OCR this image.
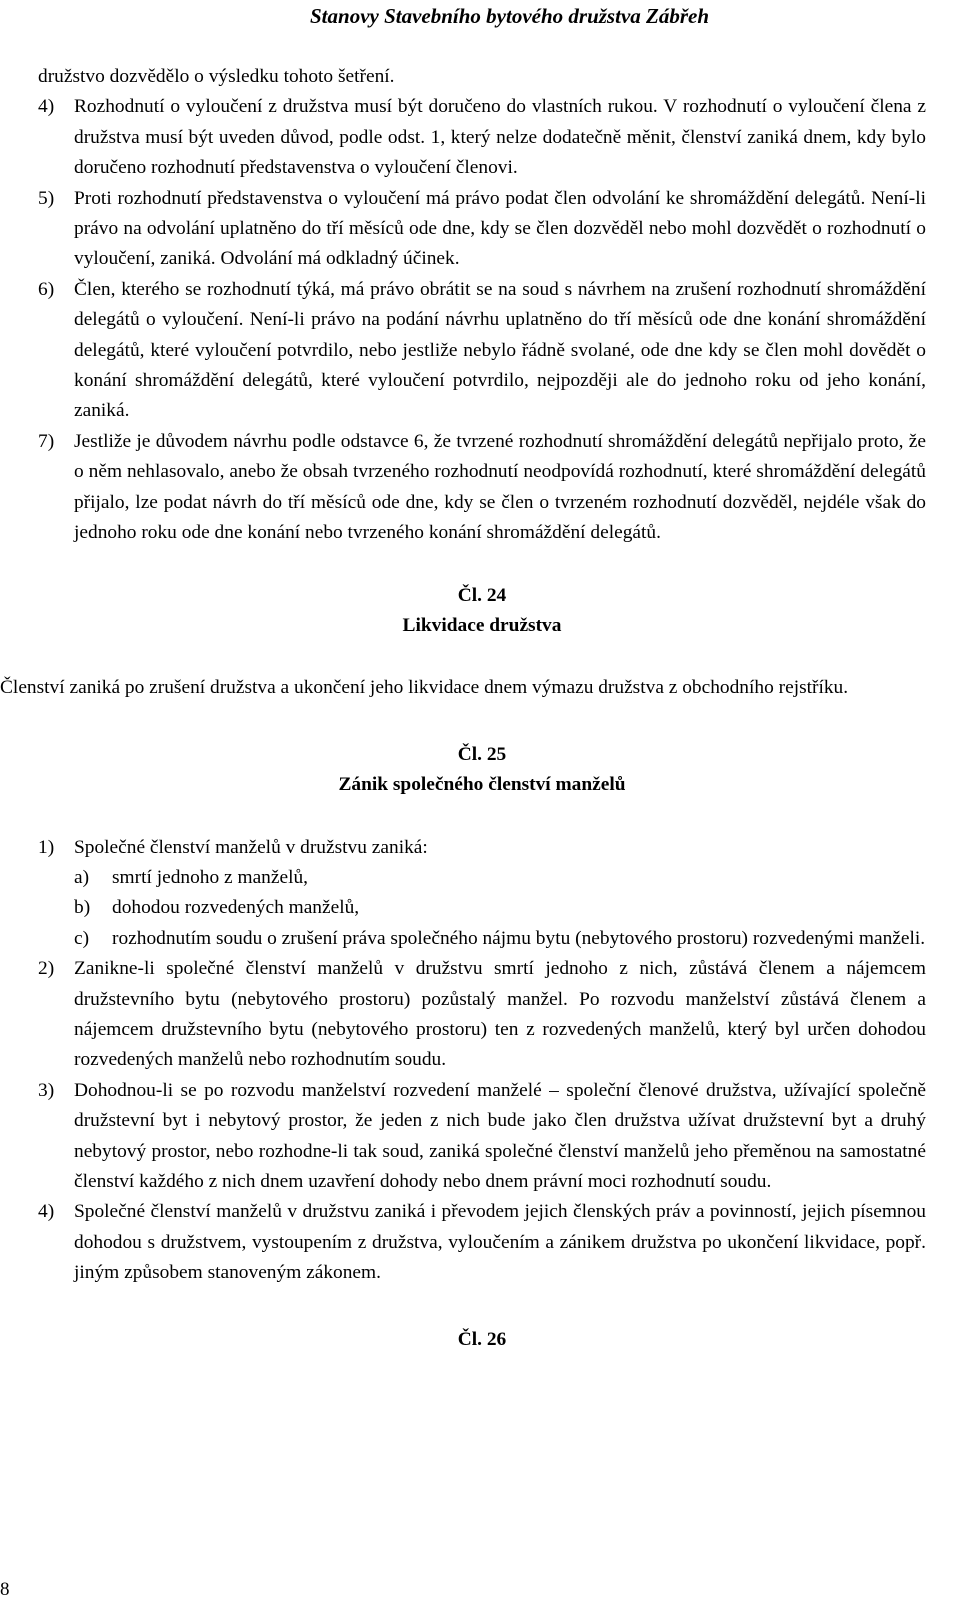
Stanovy Stavebního bytového družstva Zábřeh

družstvo dozvědělo o výsledku tohoto šetření.

4) Rozhodnutí o vyloučení z družstva musí být doručeno do vlastních rukou. V rozhodnutí o vyloučení člena z družstva musí být uveden důvod, podle odst. 1, který nelze dodatečně měnit, členství zaniká dnem, kdy bylo doručeno rozhodnutí představenstva o vyloučení členovi.
5) Proti rozhodnutí představenstva o vyloučení má právo podat člen odvolání ke shromáždění delegátů. Není-li právo na odvolání uplatněno do tří měsíců ode dne, kdy se člen dozvěděl nebo mohl dozvědět o rozhodnutí o vyloučení, zaniká. Odvolání má odkladný účinek.
6) Člen, kterého se rozhodnutí týká, má právo obrátit se na soud s návrhem na zrušení rozhodnutí shromáždění delegátů o vyloučení. Není-li právo na podání návrhu uplatněno do tří měsíců ode dne konání shromáždění delegátů, které vyloučení potvrdilo, nebo jestliže nebylo řádně svolané, ode dne kdy se člen mohl dovědět o konání shromáždění delegátů, které vyloučení potvrdilo, nejpozději ale do jednoho roku od jeho konání, zaniká.
7) Jestliže je důvodem návrhu podle odstavce 6, že tvrzené rozhodnutí shromáždění delegátů nepřijalo proto, že o něm nehlasovalo, anebo že obsah tvrzeného rozhodnutí neodpovídá rozhodnutí, které shromáždění delegátů přijalo, lze podat návrh do tří měsíců ode dne, kdy se člen o tvrzeném rozhodnutí dozvěděl, nejdéle však do jednoho roku ode dne konání nebo tvrzeného konání shromáždění delegátů.

Čl. 24

Likvidace družstva

Členství zaniká po zrušení družstva a ukončení jeho likvidace dnem výmazu družstva z obchodního rejstříku.

Čl. 25

Zánik společného členství manželů

1) Společné členství manželů v družstvu zaniká:
a) smrtí jednoho z manželů,
b) dohodou rozvedených manželů,
c) rozhodnutím soudu o zrušení práva společného nájmu bytu (nebytového prostoru) rozvedenými manželi.
2) Zanikne-li společné členství manželů v družstvu smrtí jednoho z nich, zůstává členem a nájemcem družstevního bytu (nebytového prostoru) pozůstalý manžel. Po rozvodu manželství zůstává členem a nájemcem družstevního bytu (nebytového prostoru) ten z rozvedených manželů, který byl určen dohodou rozvedených manželů nebo rozhodnutím soudu.
3) Dohodnou-li se po rozvodu manželství rozvedení manželé – společní členové družstva, užívající společně družstevní byt i nebytový prostor, že jeden z nich bude jako člen družstva užívat družstevní byt a druhý nebytový prostor, nebo rozhodne-li tak soud, zaniká společné členství manželů jeho přeměnou na samostatné členství každého z nich dnem uzavření dohody nebo dnem právní moci rozhodnutí soudu.
4) Společné členství manželů v družstvu zaniká i převodem jejich členských práv a povinností, jejich písemnou dohodou s družstvem, vystoupením z družstva, vyloučením a zánikem družstva po ukončení likvidace, popř. jiným způsobem stanoveným zákonem.

Čl. 26

8
